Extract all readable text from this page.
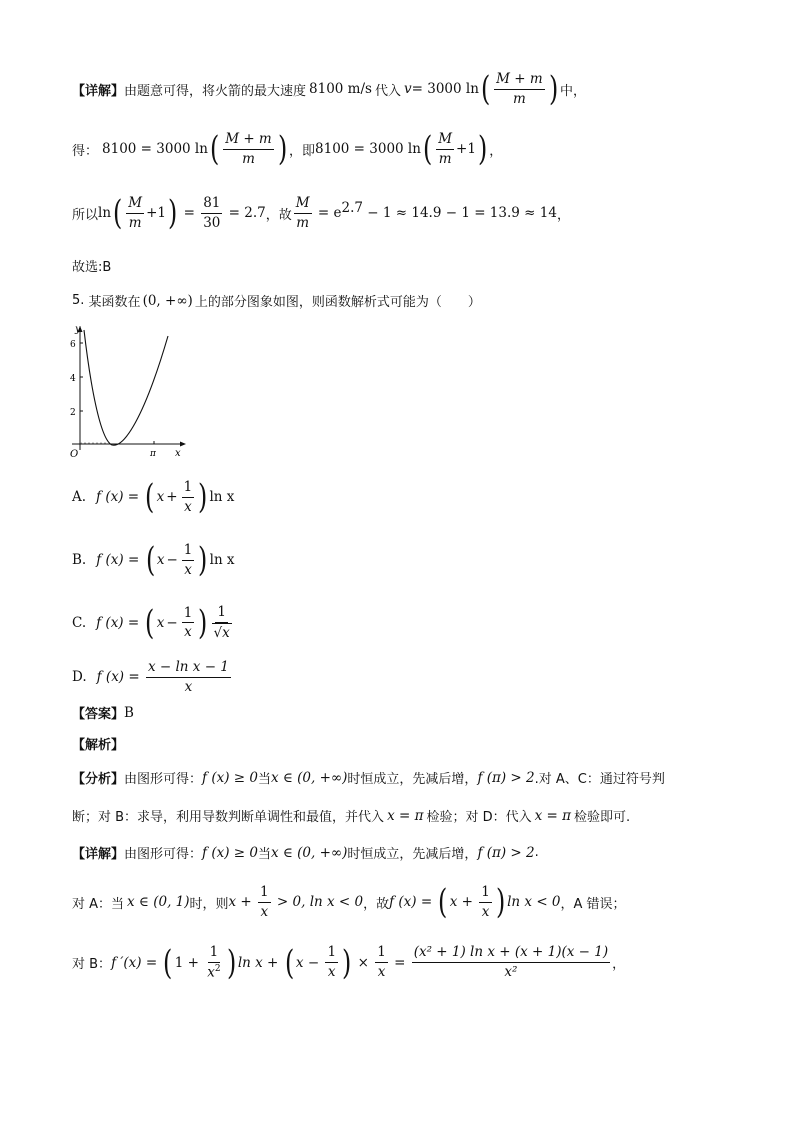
【详解】 由题意可得，将火箭的最大速度 8100 m/s 代入 v = 3000 ln ( $\frac{M + m}{m}$ ) 中，
得： 8100 = 3000 ln ( $\frac{M + m}{m}$ ) ，即 8100 = 3000 ln ( $\frac{M}{m} +1$ ) ，
所以 ln ( $\frac{M}{m} +1$ ) = $\frac{81}{30} = 2.7$ ，故 $\frac{M}{m} = e$ 2.7 − 1 ≈ 14.9 − 1 = 13.9 ≈ 14 ，
故选:B
5. 某函数在 (0, +∞) 上的部分图象如图，则函数解析式可能为（　　）
y
x
O
6
4
2
π
A. f (x) = ( $x + \frac{1}{x}$ ) ln x
B. f (x) = ( $x - \frac{1}{x}$ ) ln x
C. f (x) = ( $x - \frac{1}{x}$ ) $\frac{1}{√x}$
D. f $(x) = \frac{\text{x − ln x − 1}}{x}$
【答案】 B
【解析】
【分析】 由图形可得： f (x) ≥ 0 当 x ∈ (0, +∞) 时恒成立，先减后增， f (π) > 2 .对 A、C：通过符号判
断；对 B：求导，利用导数判断单调性和最值，并代入 x = π 检验；对 D：代入 x = π 检验即可.
【详解】 由图形可得： f (x) ≥ 0 当 x ∈ (0, +∞) 时恒成立，先减后增， f (π) > 2 .
对 A：当 x ∈ (0, 1) 时，则 $x + \frac{1}{x} > 0$, ln x < 0 ，故 f (x) = ( $x + \frac{1}{x}$ ) ln x < 0 ，A 错误；
对 B： f ′(x) = ( $1 + \frac{1}{x^2}$ ) ln x + ( $x - \frac{1}{x}$ ) × $\frac{1}{x} = \frac{\text{(x² + 1) ln x + (x + 1)(x − 1)}}{\text{x²}}$ ，
